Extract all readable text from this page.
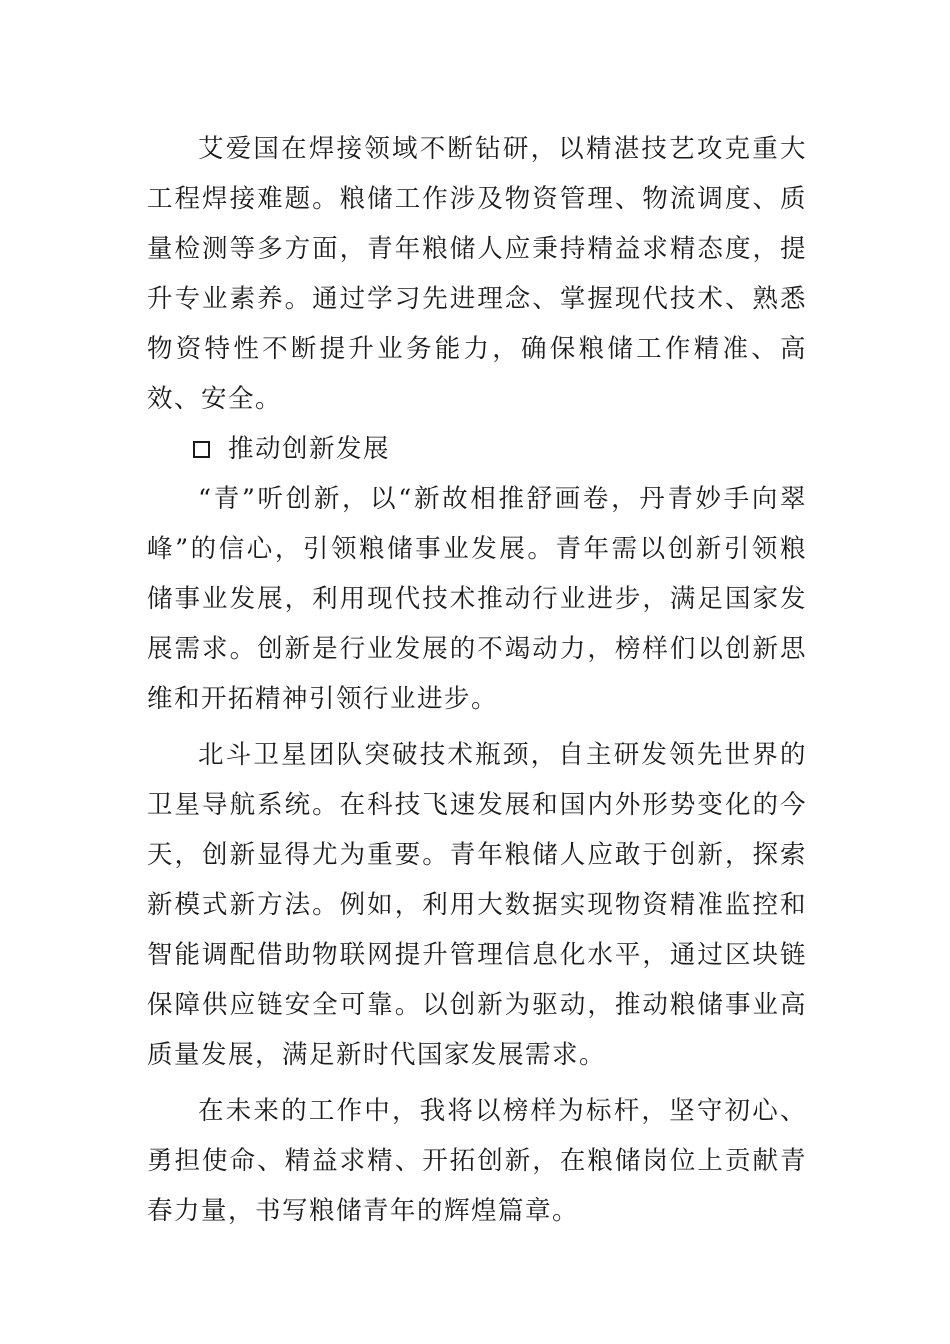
艾爱国在焊接领域不断钻研，以精湛技艺攻克重大工程焊接难题。粮储工作涉及物资管理、物流调度、质量检测等多方面，青年粮储人应秉持精益求精态度，提升专业素养。通过学习先进理念、掌握现代技术、熟悉物资特性不断提升业务能力，确保粮储工作精准、高效、安全。

推动创新发展

“青”听创新，以“新故相推舒画卷，丹青妙手向翠峰”的信心，引领粮储事业发展。青年需以创新引领粮储事业发展，利用现代技术推动行业进步，满足国家发展需求。创新是行业发展的不竭动力，榜样们以创新思维和开拓精神引领行业进步。

北斗卫星团队突破技术瓶颈，自主研发领先世界的卫星导航系统。在科技飞速发展和国内外形势变化的今天，创新显得尤为重要。青年粮储人应敢于创新，探索新模式新方法。例如，利用大数据实现物资精准监控和智能调配借助物联网提升管理信息化水平，通过区块链保障供应链安全可靠。以创新为驱动，推动粮储事业高质量发展，满足新时代国家发展需求。

在未来的工作中，我将以榜样为标杆，坚守初心、勇担使命、精益求精、开拓创新，在粮储岗位上贡献青春力量，书写粮储青年的辉煌篇章。
